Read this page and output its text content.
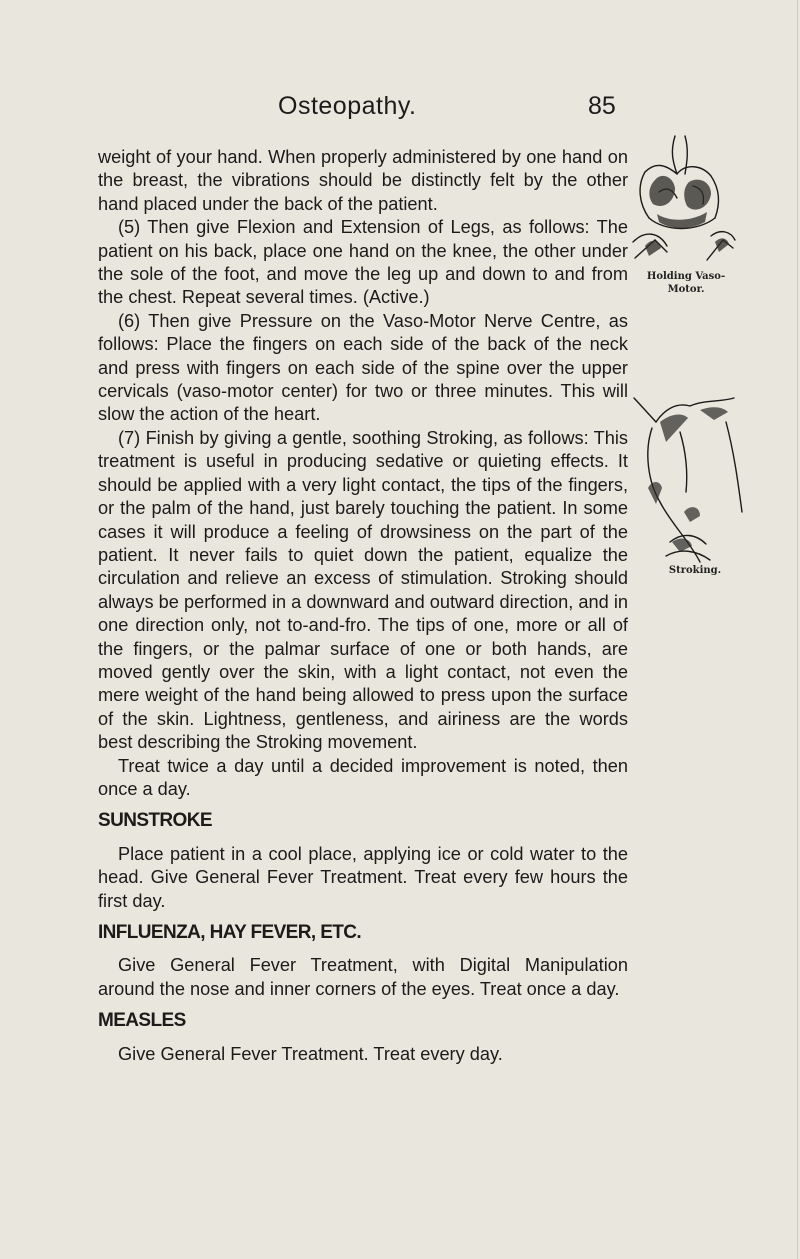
Osteopathy.	85

weight of your hand. When properly administered by one hand on the breast, the vibrations should be distinctly felt by the other hand placed under the back of the patient.

(5) Then give Flexion and Extension of Legs, as follows: The patient on his back, place one hand on the knee, the other under the sole of the foot, and move the leg up and down to and from the chest. Repeat several times. (Active.)

(6) Then give Pressure on the Vaso-Motor Nerve Centre, as follows: Place the fingers on each side of the back of the neck and press with fingers on each side of the spine over the upper cervicals (vaso-motor center) for two or three minutes. This will slow the action of the heart.

(7) Finish by giving a gentle, soothing Stroking, as follows: This treatment is useful in producing sedative or quieting effects. It should be applied with a very light contact, the tips of the fingers, or the palm of the hand, just barely touching the patient. In some cases it will produce a feeling of drowsiness on the part of the patient. It never fails to quiet down the patient, equalize the circulation and relieve an excess of stimulation. Stroking should always be performed in a downward and outward direction, and in one direction only, not to-and-fro. The tips of one, more or all of the fingers, or the palmar surface of one or both hands, are moved gently over the skin, with a light contact, not even the mere weight of the hand being allowed to press upon the surface of the skin. Lightness, gentleness, and airiness are the words best describing the Stroking movement.

Treat twice a day until a decided improvement is noted, then once a day.

SUNSTROKE

Place patient in a cool place, applying ice or cold water to the head. Give General Fever Treatment. Treat every few hours the first day.

INFLUENZA, HAY FEVER, ETC.

Give General Fever Treatment, with Digital Manipulation around the nose and inner corners of the eyes. Treat once a day.

MEASLES

Give General Fever Treatment. Treat every day.

Holding Vaso-Motor.
Stroking.
